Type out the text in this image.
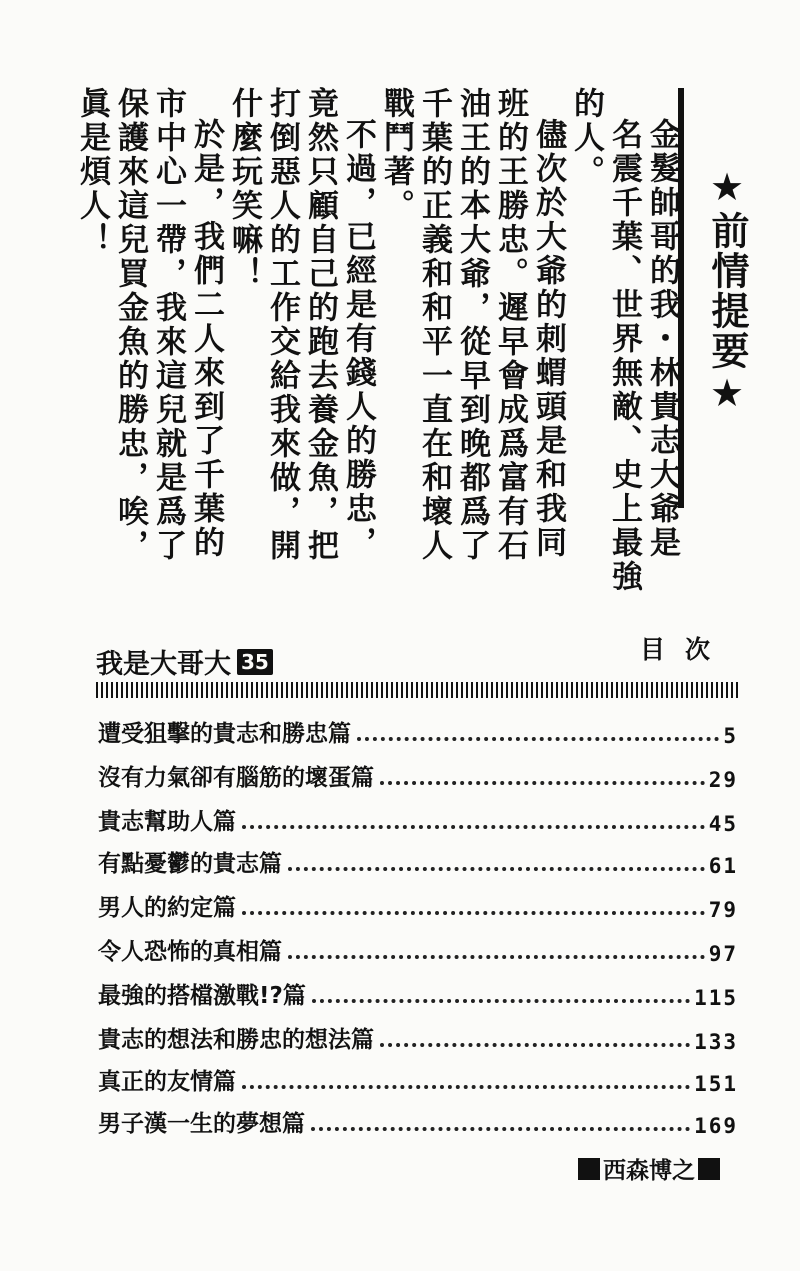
★前情提要★
金髮帥哥的我・林貴志大爺是
名震千葉、世界無敵、史上最強
的人。
儘次於大爺的刺蝟頭是和我同
班的王勝忠。遲早會成爲富有石
油王的本大爺，從早到晚都爲了
千葉的正義和和平一直在和壞人
戰鬥著。
不過，已經是有錢人的勝忠，
竟然只顧自己的跑去養金魚，把
打倒惡人的工作交給我來做，開
什麼玩笑嘛！
於是，我們二人來到了千葉的
市中心一帶，我來這兒就是爲了
保護來這兒買金魚的勝忠，唉，
眞是煩人！
我是大哥大 35	目次
遭受狙擊的貴志和勝忠篇	5
沒有力氣卻有腦筋的壞蛋篇	29
貴志幫助人篇	45
有點憂鬱的貴志篇	61
男人的約定篇	79
令人恐怖的真相篇	97
最強的搭檔激戰!?篇	115
貴志的想法和勝忠的想法篇	133
真正的友情篇	151
男子漢一生的夢想篇	169
西森博之
